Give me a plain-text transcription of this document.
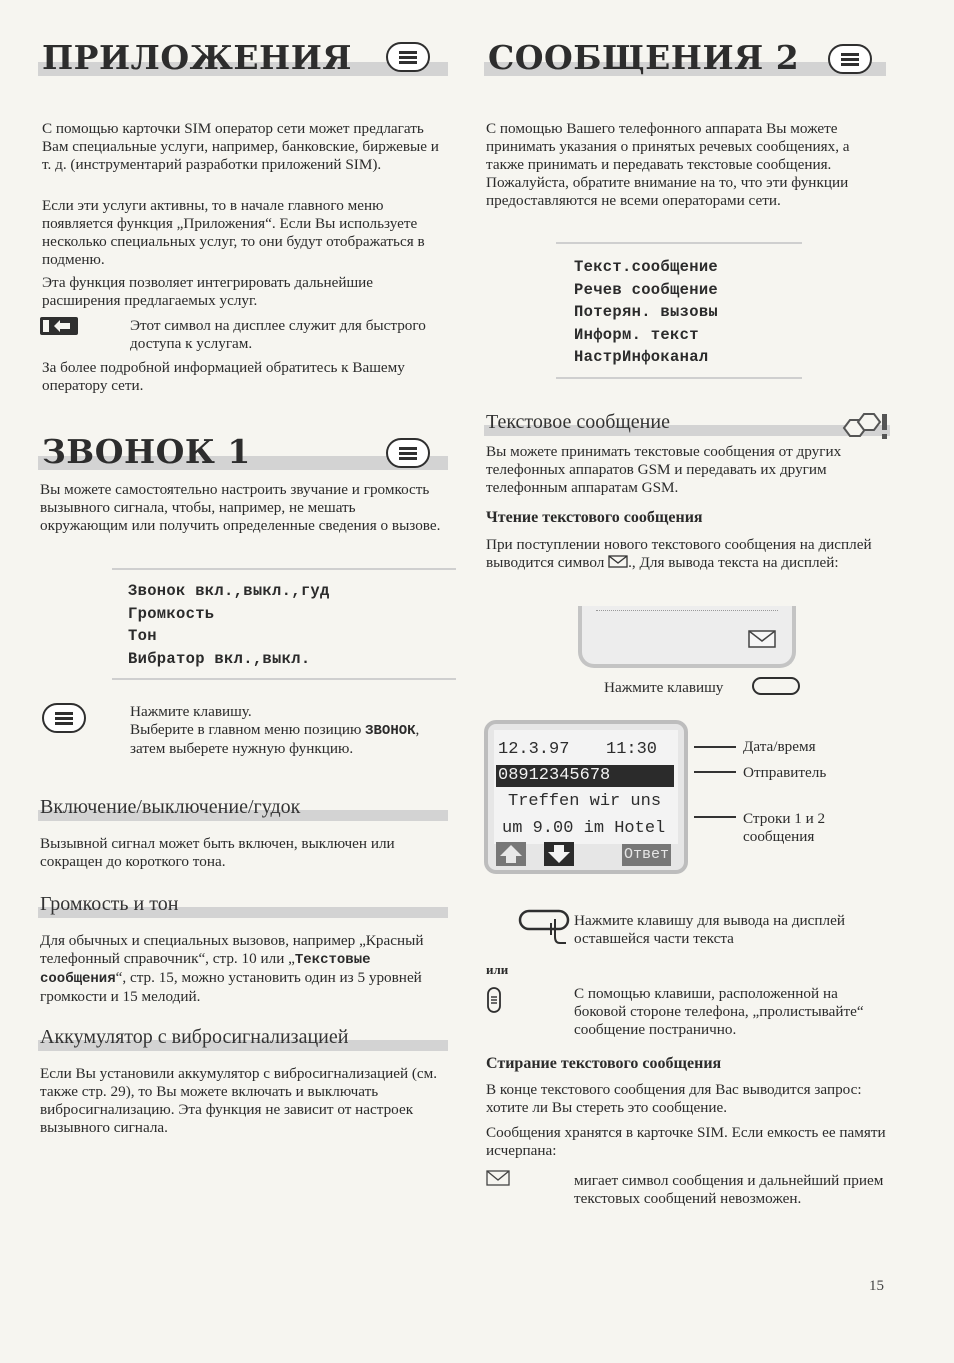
ПРИЛОЖЕНИЯ

С помощью карточки SIM оператор сети может предлагать Вам специальные услуги, например, банковские, биржевые и т. д. (инструментарий разработки приложений SIM).

Если эти услуги активны, то в начале главного меню появляется функция „Приложения“. Если Вы используете несколько специальных услуг, то они будут отображаться в подменю.

Эта функция позволяет интегрировать дальнейшие расширения предлагаемых услуг.

Этот символ на дисплее служит для быстрого доступа к услугам.

За более подробной информацией обратитесь к Вашему оператору сети.

ЗВОНОК 1

Вы можете самостоятельно настроить звучание и громкость вызывного сигнала, чтобы, например, не мешать окружающим или получить определенные сведения о вызове.

Звонок вкл.,выкл.,гуд
Громкость
Тон
Вибратор вкл.,выкл.

Нажмите клавишу.

Выберите в главном меню позицию ЗВОНОК, затем выберете нужную функцию.

Включение/выключение/гудок

Вызывной сигнал может быть включен, выключен или сокращен до короткого тона.

Громкость и тон

Для обычных и специальных вызовов, например „Красный телефонный справочник“, стр. 10 или „Текстовые сообщения“, стр. 15, можно установить один из 5 уровней громкости и 15 мелодий.

Аккумулятор с вибросигнализацией

Если Вы установили аккумулятор с вибросигнализацией (см. также стр. 29), то Вы можете включать и выключать вибросигнализацию. Эта функция не зависит от настроек вызывного сигнала.

СООБЩЕНИЯ 2

С помощью Вашего телефонного аппарата Вы можете принимать указания о принятых речевых сообщениях, а также принимать и передавать текстовые сообщения. Пожалуйста, обратите внимание на то, что эти функции предоставляются не всеми операторами сети.

Текст.сообщение
Речев сообщение
Потерян. вызовы
Информ. текст
НастрИнфоканал
Текстовое сообщение

Вы можете принимать текстовые сообщения от других телефонных аппаратов GSM и передавать их другим телефонным аппаратам GSM.

Чтение текстового сообщения

При поступлении нового текстового сообщения на дисплей выводится символ ., Для вывода текста на дисплей:

Нажмите клавишу

12.3.97 11:30
08912345678
Treffen wir uns
um 9.00 im Hotel
Ответ

Дата/время

Отправитель

Строки 1 и 2 сообщения

Нажмите клавишу для вывода на дисплей оставшейся части текста

или

С помощью клавиши, расположенной на боковой стороне телефона, „пролистывайте“ сообщение постранично.

Стирание текстового сообщения

В конце текстового сообщения для Вас выводится запрос: хотите ли Вы стереть это сообщение.

Сообщения хранятся в карточке SIM. Если емкость ее памяти исчерпана:

мигает символ сообщения и дальнейший прием текстовых сообщений невозможен.

15
